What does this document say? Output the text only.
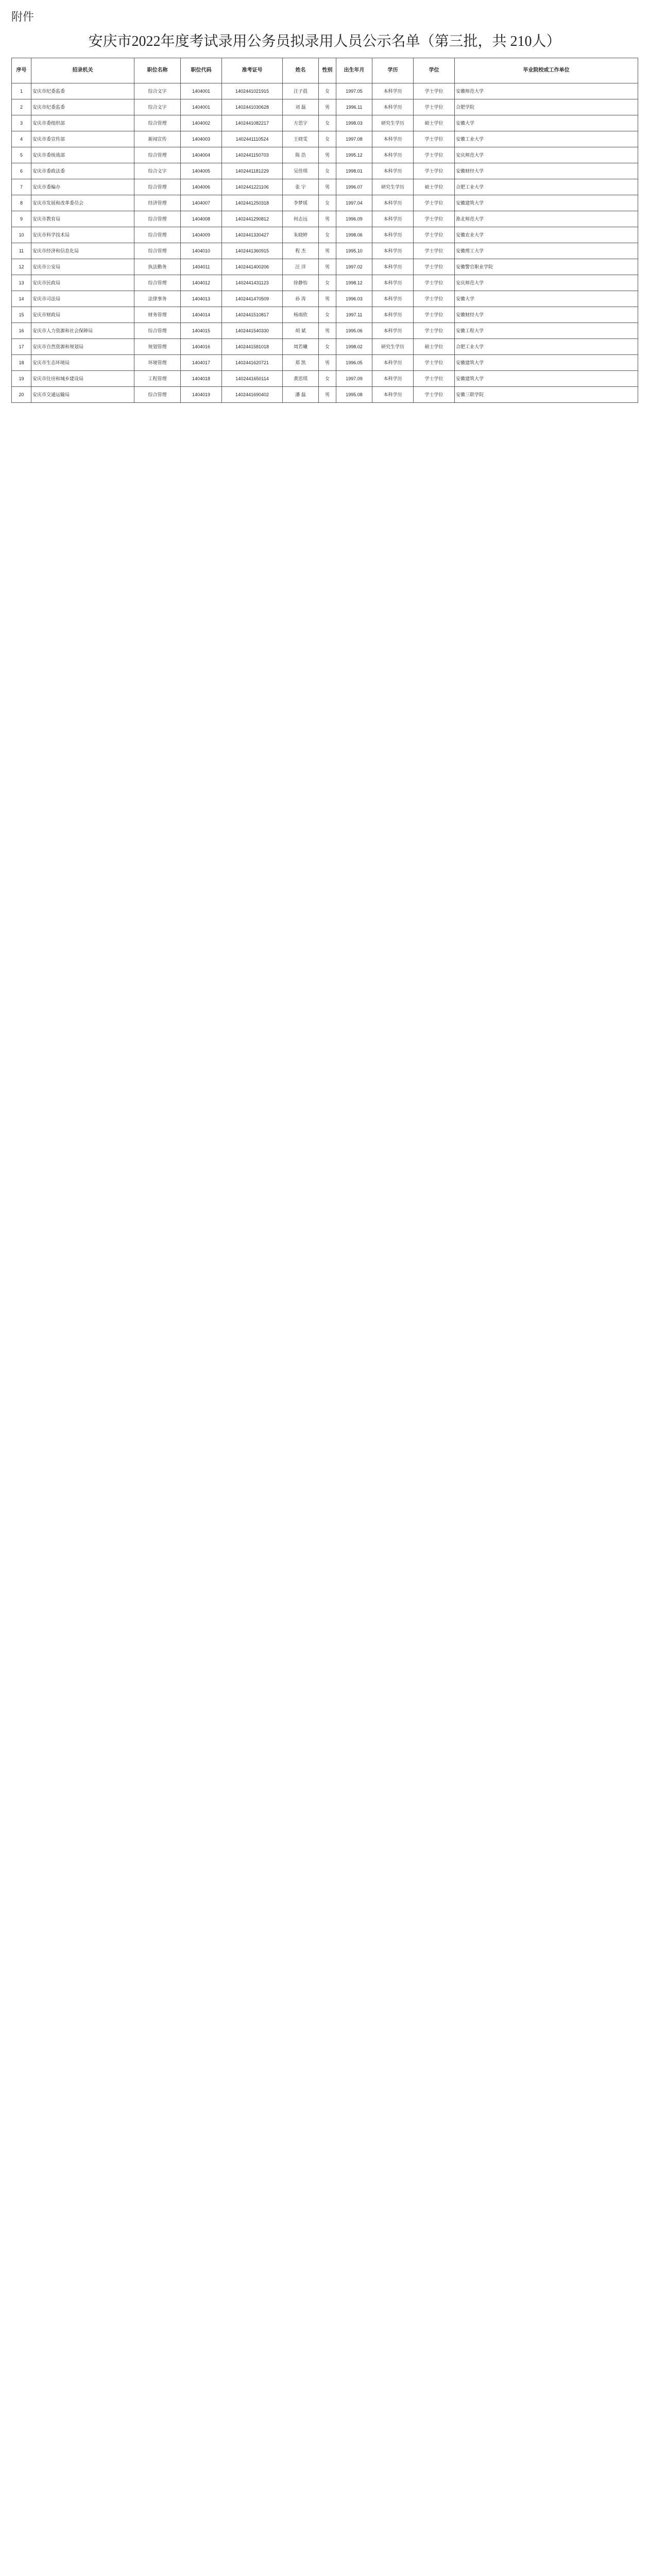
附件
安庆市2022年度考试录用公务员拟录用人员公示名单（第三批，共 210人）
序号	招录机关	职位名称	职位代码	准考证号	姓名	性别	出生年月	学历	学位	毕业院校或工作单位
1	安庆市纪委监委	综合文字	1404001	1402441021915	汪子晨	女	1997.05	本科学历	学士学位	安徽师范大学
2	安庆市纪委监委	综合文字	1404001	1402441030628	刘 磊	男	1996.11	本科学历	学士学位	合肥学院
3	安庆市委组织部	综合管理	1404002	1402441082217	方思宇	女	1998.03	研究生学历	硕士学位	安徽大学
4	安庆市委宣传部	新闻宣传	1404003	1402441110524	王晓雯	女	1997.08	本科学历	学士学位	安徽工业大学
5	安庆市委统战部	综合管理	1404004	1402441150703	陈 浩	男	1995.12	本科学历	学士学位	安庆师范大学
6	安庆市委政法委	综合文字	1404005	1402441181229	吴佳琪	女	1998.01	本科学历	学士学位	安徽财经大学
7	安庆市委编办	综合管理	1404006	1402441221106	张 宇	男	1996.07	研究生学历	硕士学位	合肥工业大学
8	安庆市发展和改革委员会	经济管理	1404007	1402441250318	李梦瑶	女	1997.04	本科学历	学士学位	安徽建筑大学
9	安庆市教育局	综合管理	1404008	1402441290812	何志远	男	1996.09	本科学历	学士学位	淮北师范大学
10	安庆市科学技术局	综合管理	1404009	1402441330427	朱晓婷	女	1998.06	本科学历	学士学位	安徽农业大学
11	安庆市经济和信息化局	综合管理	1404010	1402441360915	程 杰	男	1995.10	本科学历	学士学位	安徽理工大学
12	安庆市公安局	执法勤务	1404011	1402441400206	汪 洋	男	1997.02	本科学历	学士学位	安徽警官职业学院
13	安庆市民政局	综合管理	1404012	1402441431123	徐静怡	女	1998.12	本科学历	学士学位	安庆师范大学
14	安庆市司法局	法律事务	1404013	1402441470509	孙 涛	男	1996.03	本科学历	学士学位	安徽大学
15	安庆市财政局	财务管理	1404014	1402441510817	杨雨欣	女	1997.11	本科学历	学士学位	安徽财经大学
16	安庆市人力资源和社会保障局	综合管理	1404015	1402441540330	胡 斌	男	1995.06	本科学历	学士学位	安徽工程大学
17	安庆市自然资源和规划局	规划管理	1404016	1402441581018	周若曦	女	1998.02	研究生学历	硕士学位	合肥工业大学
18	安庆市生态环境局	环境管理	1404017	1402441620721	郑 凯	男	1996.05	本科学历	学士学位	安徽建筑大学
19	安庆市住房和城乡建设局	工程管理	1404018	1402441650114	黄思琪	女	1997.09	本科学历	学士学位	安徽建筑大学
20	安庆市交通运输局	综合管理	1404019	1402441690402	潘 磊	男	1995.08	本科学历	学士学位	安徽三联学院
